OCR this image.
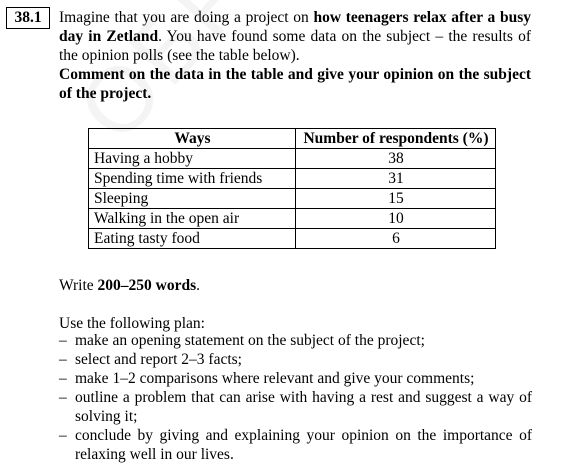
38.1	Imagine that you are doing a project on how teenagers relax after a busy day in Zetland. You have found some data on the subject – the results of the opinion polls (see the table below).

Comment on the data in the table and give your opinion on the subject of the project.

Ways	Number of respondents (%)
Having a hobby	38
Spending time with friends	31
Sleeping	15
Walking in the open air	10
Eating tasty food	6

Write 200–250 words.

Use the following plan:

– make an opening statement on the subject of the project;
– select and report 2–3 facts;
– make 1–2 comparisons where relevant and give your comments;
– outline a problem that can arise with having a rest and suggest a way of solving it;
– conclude by giving and explaining your opinion on the importance of relaxing well in our lives.
